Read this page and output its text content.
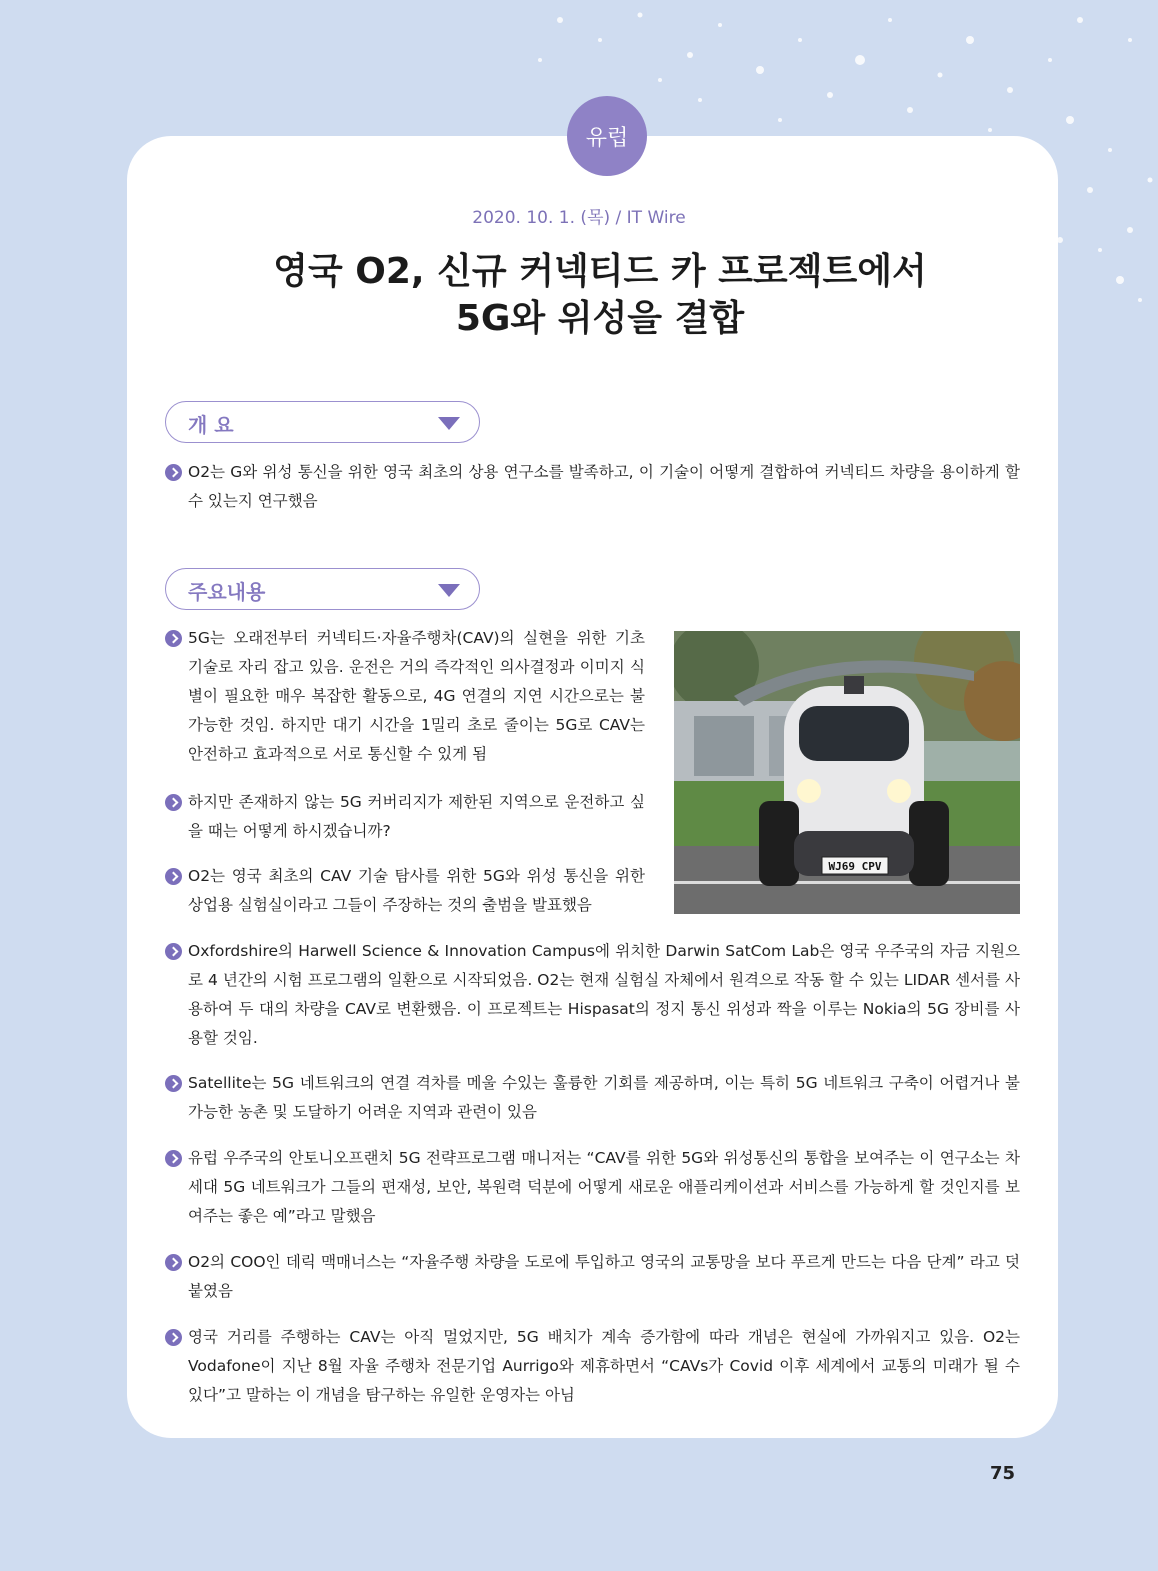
유럽
2020. 10. 1. (목) / IT Wire
영국 O2, 신규 커넥티드 카 프로젝트에서
5G와 위성을 결합
개 요
O2는 G와 위성 통신을 위한 영국 최초의 상용 연구소를 발족하고, 이 기술이 어떻게 결합하여 커넥티드 차량을 용이하게 할 수 있는지 연구했음
주요내용
5G는 오래전부터 커넥티드·자율주행차(CAV)의 실현을 위한 기초 기술로 자리 잡고 있음. 운전은 거의 즉각적인 의사결정과 이미지 식별이 필요한 매우 복잡한 활동으로, 4G 연결의 지연 시간으로는 불가능한 것임. 하지만 대기 시간을 1밀리 초로 줄이는 5G로 CAV는 안전하고 효과적으로 서로 통신할 수 있게 됨
하지만 존재하지 않는 5G 커버리지가 제한된 지역으로 운전하고 싶을 때는 어떻게 하시겠습니까?
O2는 영국 최초의 CAV 기술 탐사를 위한 5G와 위성 통신을 위한 상업용 실험실이라고 그들이 주장하는 것의 출범을 발표했음
WJ69 CPV
Oxfordshire의 Harwell Science & Innovation Campus에 위치한 Darwin SatCom Lab은 영국 우주국의 자금 지원으로 4 년간의 시험 프로그램의 일환으로 시작되었음. O2는 현재 실험실 자체에서 원격으로 작동 할 수 있는 LIDAR 센서를 사용하여 두 대의 차량을 CAV로 변환했음. 이 프로젝트는 Hispasat의 정지 통신 위성과 짝을 이루는 Nokia의 5G 장비를 사용할 것임.
Satellite는 5G 네트워크의 연결 격차를 메울 수있는 훌륭한 기회를 제공하며, 이는 특히 5G 네트워크 구축이 어렵거나 불가능한 농촌 및 도달하기 어려운 지역과 관련이 있음
유럽 우주국의 안토니오프랜치 5G 전략프로그램 매니저는 “CAV를 위한 5G와 위성통신의 통합을 보여주는 이 연구소는 차세대 5G 네트워크가 그들의 편재성, 보안, 복원력 덕분에 어떻게 새로운 애플리케이션과 서비스를 가능하게 할 것인지를 보여주는 좋은 예”라고 말했음
O2의 COO인 데릭 맥매너스는 “자율주행 차량을 도로에 투입하고 영국의 교통망을 보다 푸르게 만드는 다음 단계” 라고 덧붙였음
영국 거리를 주행하는 CAV는 아직 멀었지만, 5G 배치가 계속 증가함에 따라 개념은 현실에 가까워지고 있음. O2는 Vodafone이 지난 8월 자율 주행차 전문기업 Aurrigo와 제휴하면서 “CAVs가 Covid 이후 세계에서 교통의 미래가 될 수 있다”고 말하는 이 개념을 탐구하는 유일한 운영자는 아님
75
